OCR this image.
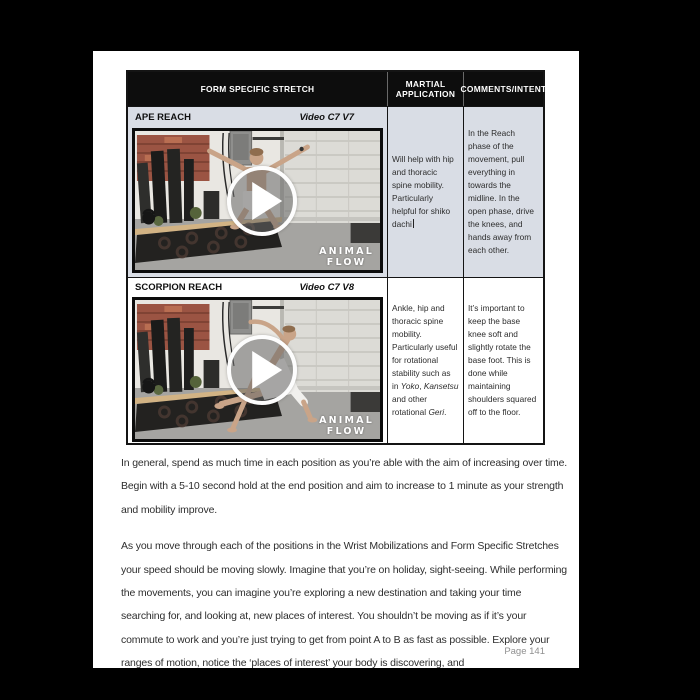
FORM SPECIFIC STRETCH
MARTIAL APPLICATION
COMMENTS/INTENT
APE REACH	Video C7 V7
ANIMAL
FLOW
Will help with hip and thoracic spine mobility. Particularly helpful for shiko dachi
In the Reach phase of the movement, pull everything in towards the midline. In the open phase, drive the knees, and hands away from each other.
SCORPION REACH	Video C7 V8
ANIMAL
FLOW
Ankle, hip and thoracic spine mobility. Particularly useful for rotational stability such as in Yoko, Kansetsu and other rotational Geri.
It’s important to keep the base knee soft and slightly rotate the base foot. This is done while maintaining shoulders squared off to the floor.

In general, spend as much time in each position as you’re able with the aim of increasing over time. Begin with a 5-10 second hold at the end position and aim to increase to 1 minute as your strength and mobility improve.

As you move through each of the positions in the Wrist Mobilizations and Form Specific Stretches your speed should be moving slowly. Imagine that you’re on holiday, sight-seeing. While performing the movements, you can imagine you’re exploring a new destination and taking your time searching for, and looking at, new places of interest. You shouldn’t be moving as if it’s your commute to work and you’re just trying to get from point A to B as fast as possible. Explore your ranges of motion, notice the ‘places of interest’ your body is discovering, and

Page 141
